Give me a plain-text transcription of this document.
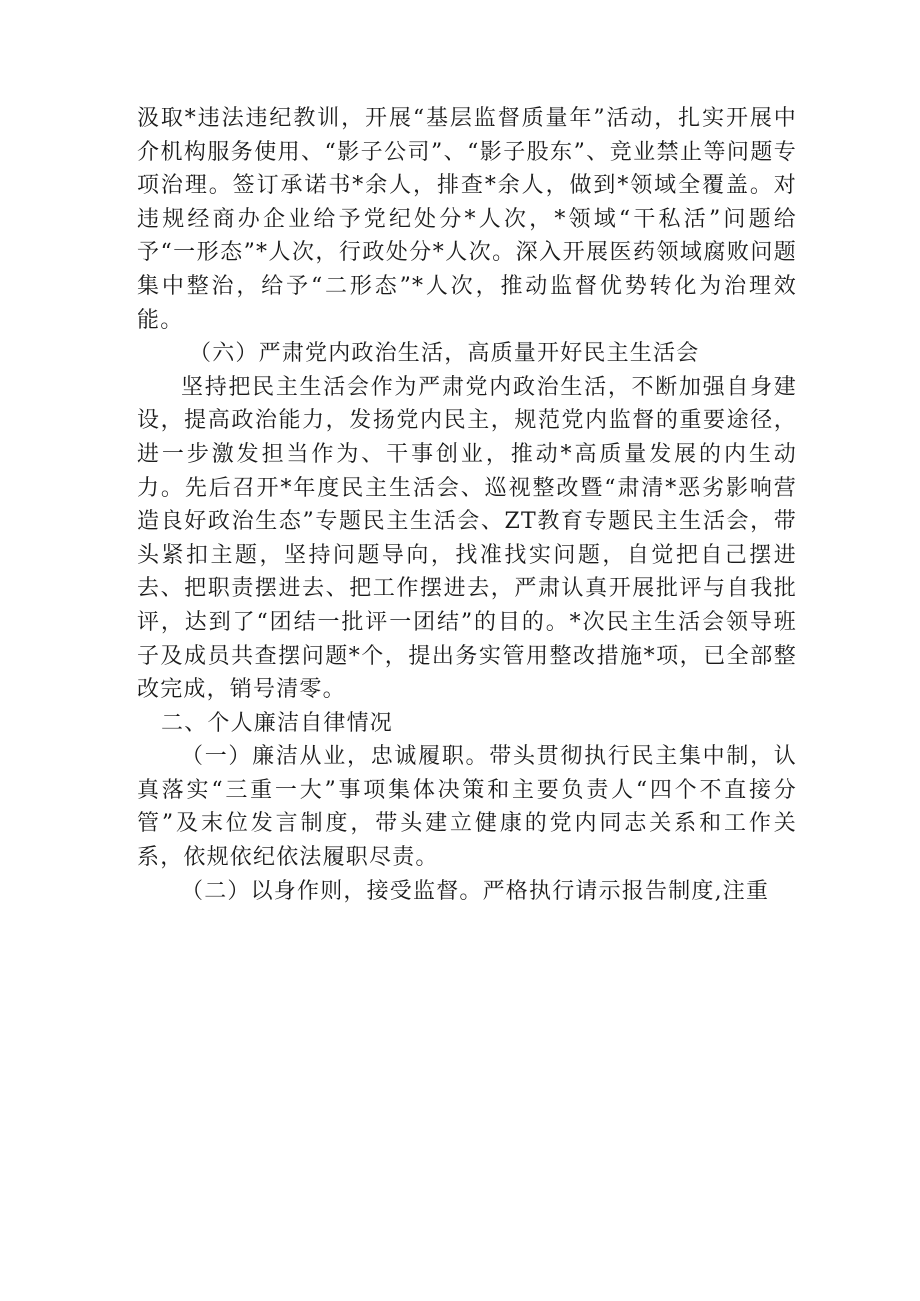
汲取*违法违纪教训，开展“基层监督质量年”活动，扎实开展中介机构服务使用、“影子公司”、“影子股东”、竞业禁止等问题专项治理。签订承诺书*余人，排查*余人，做到*领域全覆盖。对违规经商办企业给予党纪处分*人次，*领域“干私活”问题给予“一形态”*人次，行政处分*人次。深入开展医药领域腐败问题集中整治，给予“二形态”*人次，推动监督优势转化为治理效能。

（六）严肃党内政治生活，高质量开好民主生活会

坚持把民主生活会作为严肃党内政治生活，不断加强自身建设，提高政治能力，发扬党内民主，规范党内监督的重要途径，进一步激发担当作为、干事创业，推动*高质量发展的内生动力。先后召开*年度民主生活会、巡视整改暨“肃清*恶劣影响营造良好政治生态”专题民主生活会、ZT教育专题民主生活会，带头紧扣主题，坚持问题导向，找准找实问题，自觉把自己摆进去、把职责摆进去、把工作摆进去，严肃认真开展批评与自我批评，达到了“团结一批评一团结”的目的。*次民主生活会领导班子及成员共查摆问题*个，提出务实管用整改措施*项，已全部整改完成，销号清零。

二、个人廉洁自律情况

（一）廉洁从业，忠诚履职。带头贯彻执行民主集中制，认真落实“三重一大”事项集体决策和主要负责人“四个不直接分管”及末位发言制度，带头建立健康的党内同志关系和工作关系，依规依纪依法履职尽责。

（二）以身作则，接受监督。严格执行请示报告制度,注重
